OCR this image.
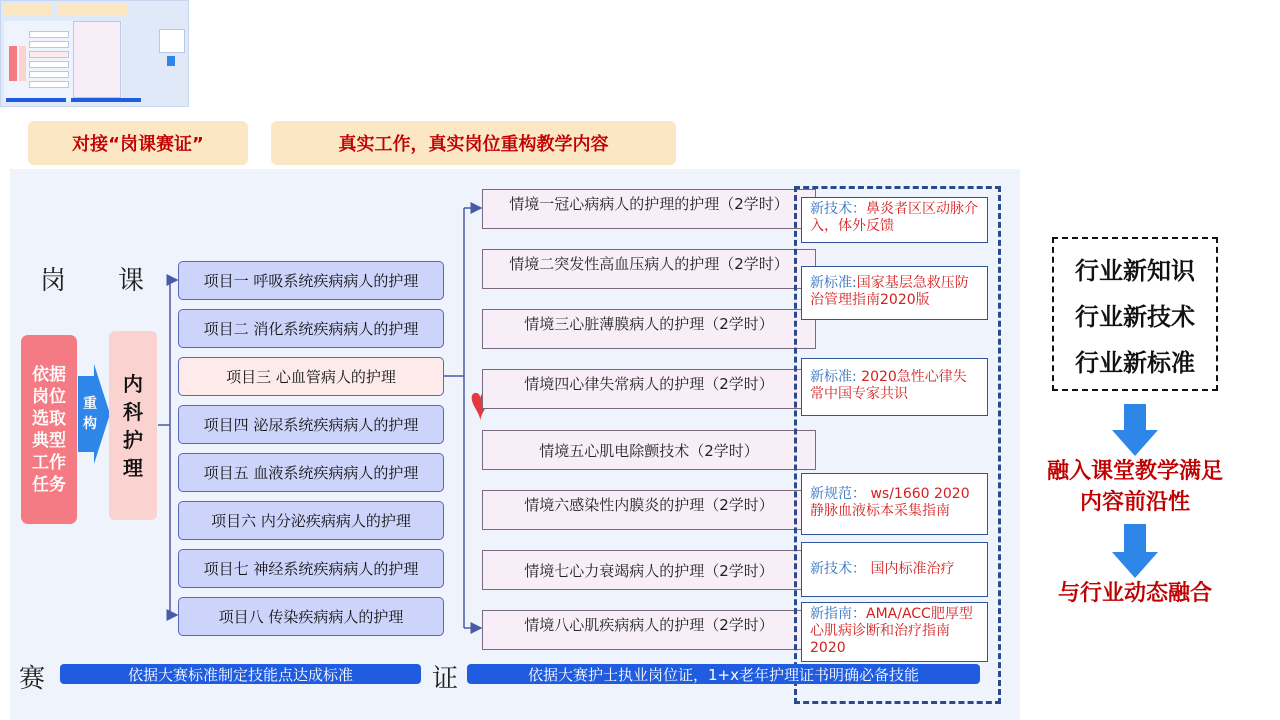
对接“岗课赛证”	真实工作，真实岗位重构教学内容
岗 课
赛	证
依据岗位选取典型工作任务
重构
内科护理
项目一 呼吸系统疾病病人的护理
项目二 消化系统疾病病人的护理
项目三 心血管病人的护理
项目四 泌尿系统疾病病人的护理
项目五 血液系统疾病病人的护理
项目六 内分泌疾病病人的护理
项目七 神经系统疾病病人的护理
项目八 传染疾病病人的护理
情境一冠心病病人的护理的护理（2学时）
情境二突发性高血压病人的护理（2学时）
情境三心脏薄膜病人的护理（2学时）
情境四心律失常病人的护理（2学时）
情境五心肌电除颤技术（2学时）
情境六感染性内膜炎的护理（2学时）
情境七心力衰竭病人的护理（2学时）
情境八心肌疾病病人的护理（2学时）
新技术：鼻炎者区区动脉介入，体外反馈
新标准:国家基层急救压防治管理指南2020版
新标准: 2020急性心律失常中国专家共识
新规范： ws/1660 2020 静脉血液标本采集指南
新技术： 国内标准治疗
新指南：AMA/ACC肥厚型心肌病诊断和治疗指南2020
依据大赛标准制定技能点达成标准	依据大赛护士执业岗位证，1+x老年护理证书明确必备技能
行业新知识
行业新技术
行业新标准
融入课堂教学满足内容前沿性
与行业动态融合
